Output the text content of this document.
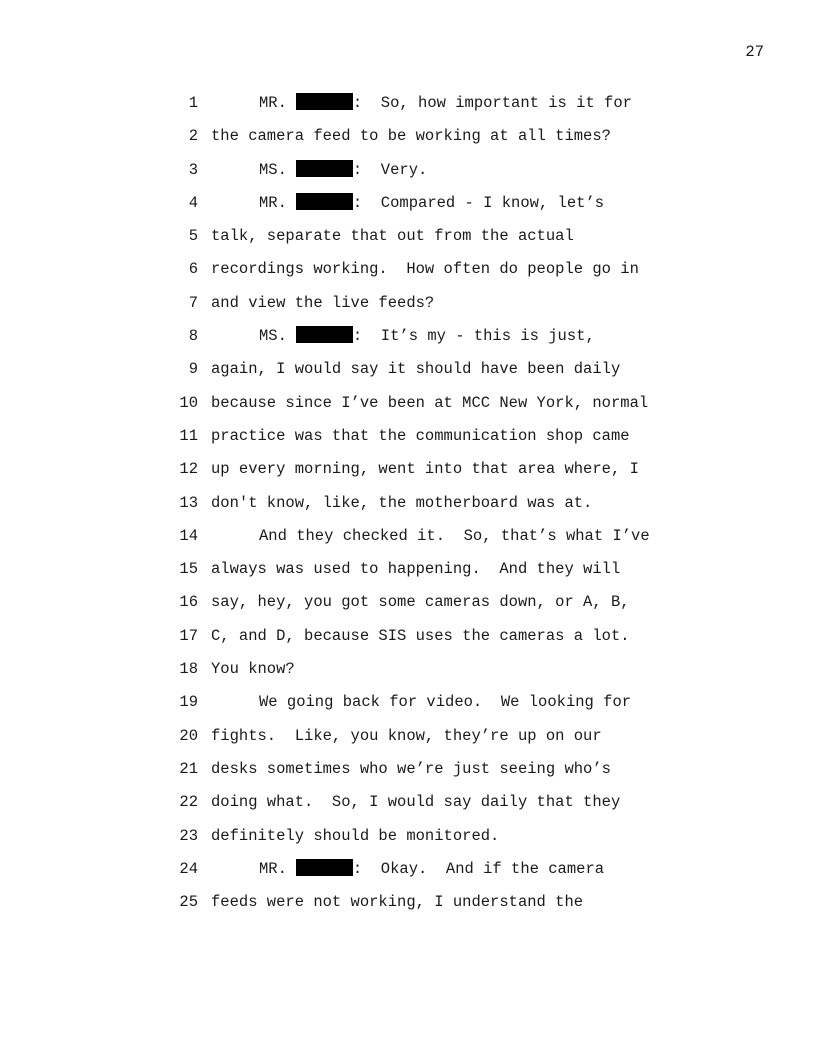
27
1	MR.	:  So, how important is it for
2 the camera feed to be working at all times?
3	MS.	:  Very.
4	MR.	:  Compared - I know, let’s
5 talk, separate that out from the actual
6 recordings working.  How often do people go in
7 and view the live feeds?
8	MS.	:  It’s my - this is just,
9 again, I would say it should have been daily
10 because since I’ve been at MCC New York, normal
11 practice was that the communication shop came
12 up every morning, went into that area where, I
13 don't know, like, the motherboard was at.
14	And they checked it.  So, that’s what I’ve
15 always was used to happening.  And they will
16 say, hey, you got some cameras down, or A, B,
17 C, and D, because SIS uses the cameras a lot.
18 You know?
19	We going back for video.  We looking for
20 fights.  Like, you know, they’re up on our
21 desks sometimes who we’re just seeing who’s
22 doing what.  So, I would say daily that they
23 definitely should be monitored.
24	MR.	:  Okay.  And if the camera
25 feeds were not working, I understand the
